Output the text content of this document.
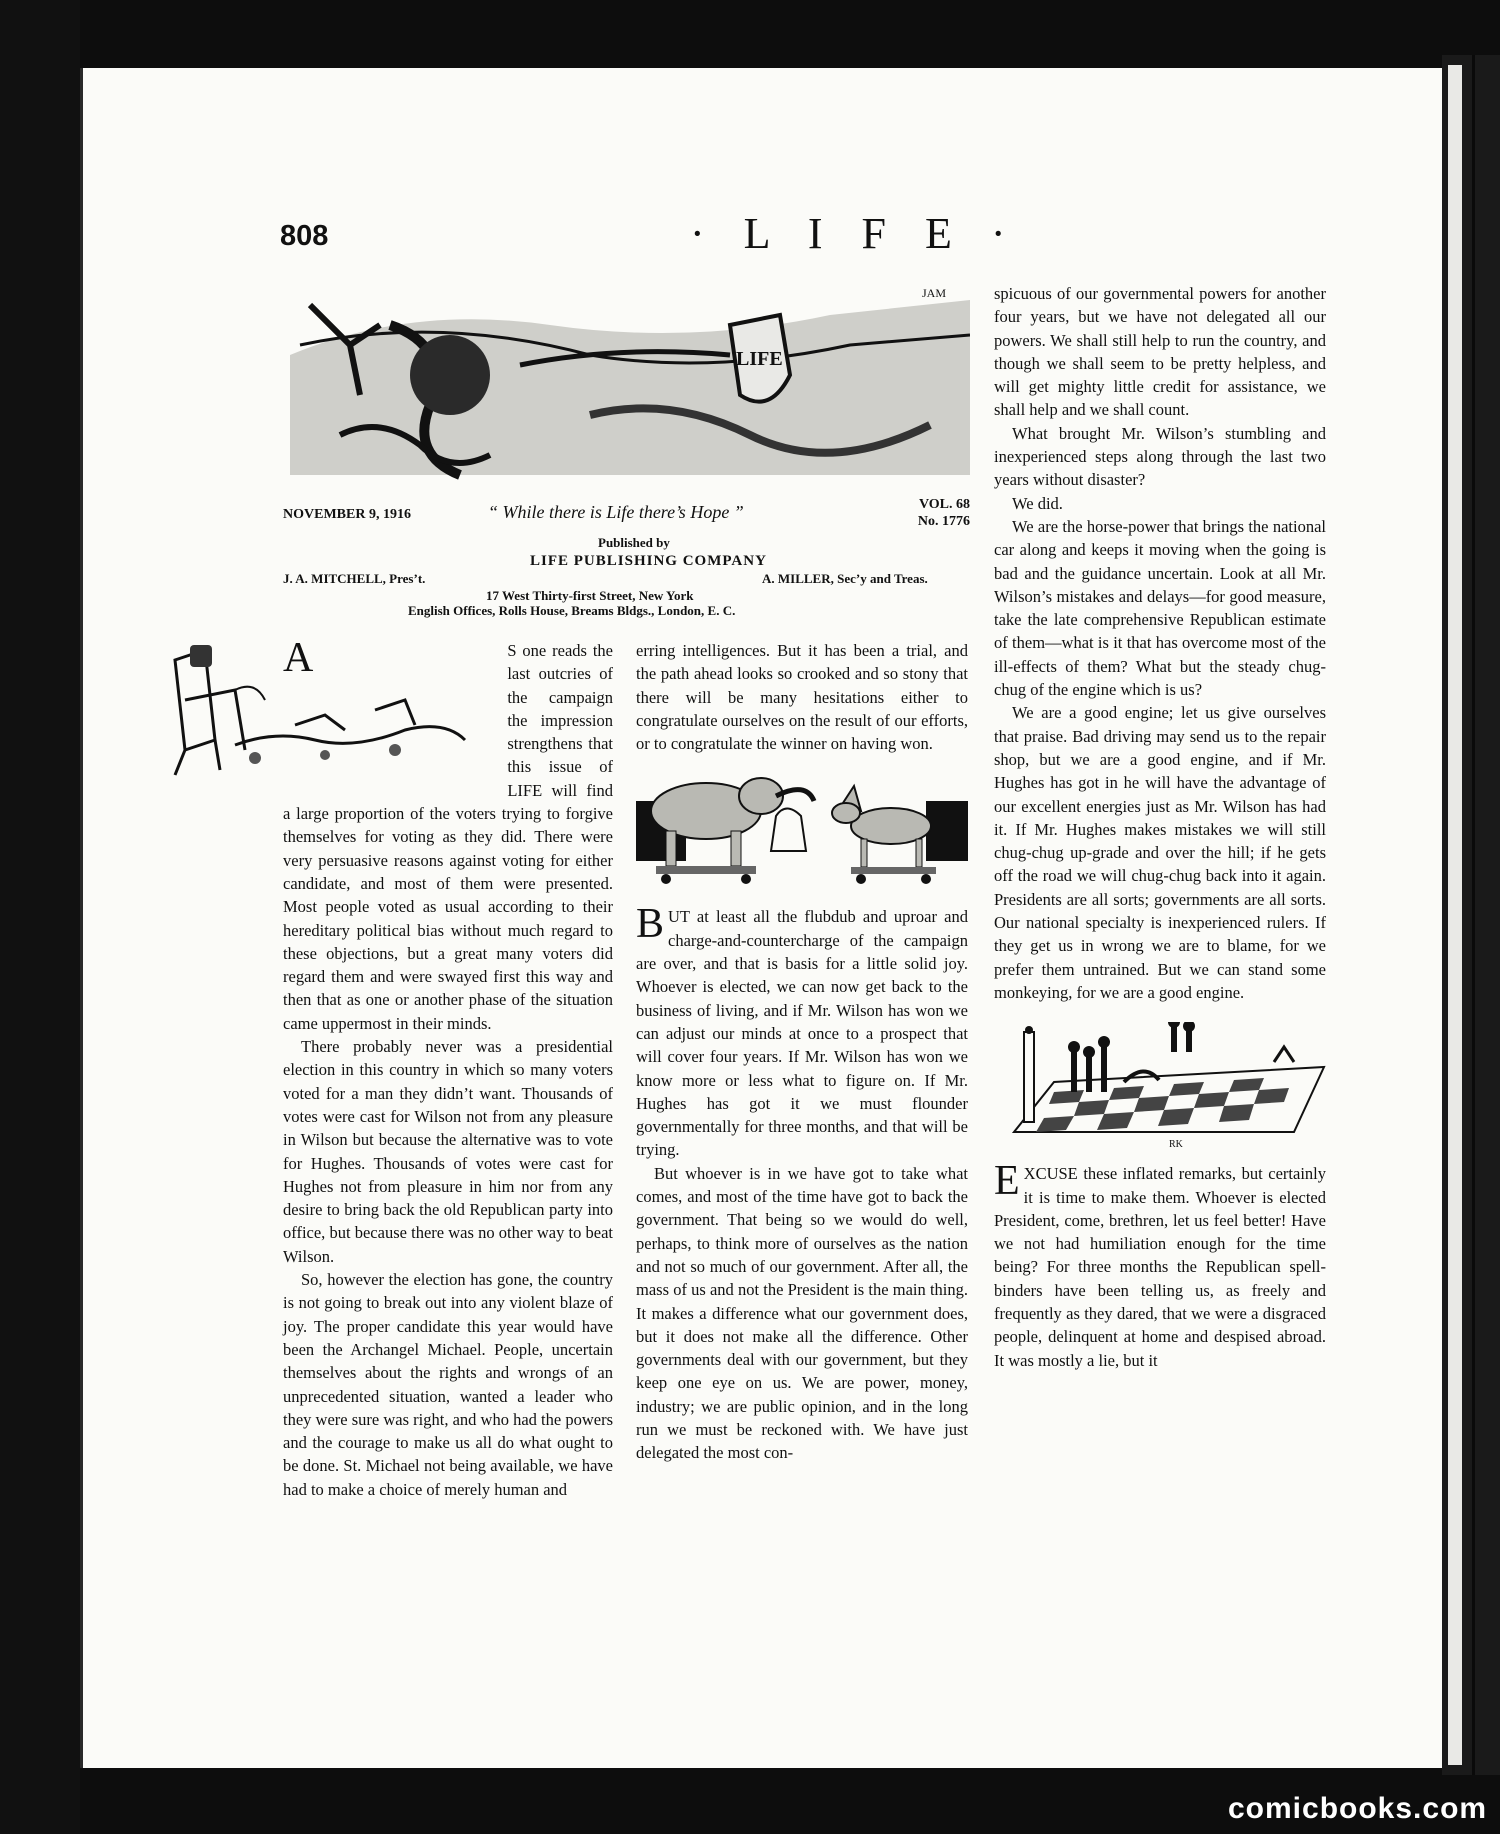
808	· L I F E ·
LIFE
JAM
NOVEMBER 9, 1916	“ While there is Life there’s Hope ”	VOL. 68
No. 1776
Published by
LIFE PUBLISHING COMPANY
J. A. MITCHELL, Pres’t.	A. MILLER, Sec’y and Treas.
17 West Thirty-first Street, New York
English Offices, Rolls House, Breams Bldgs., London, E. C.

A	S one reads the last outcries of the campaign the impression strengthens that this issue of LIFE will find a large proportion of the voters trying to forgive themselves for voting as they did. There were very persuasive reasons against voting for either candidate, and most of them were presented. Most people voted as usual according to their hereditary political bias without much regard to these objections, but a great many voters did regard them and were swayed first this way and then that as one or another phase of the situation came uppermost in their minds.

There probably never was a presidential election in this country in which so many voters voted for a man they didn’t want. Thousands of votes were cast for Wilson not from any pleasure in Wilson but because the alternative was to vote for Hughes. Thousands of votes were cast for Hughes not from pleasure in him nor from any desire to bring back the old Republican party into office, but because there was no other way to beat Wilson.

So, however the election has gone, the country is not going to break out into any violent blaze of joy. The proper candidate this year would have been the Archangel Michael. People, uncertain themselves about the rights and wrongs of an unprecedented situation, wanted a leader who they were sure was right, and who had the powers and the courage to make us all do what ought to be done. St. Michael not being available, we have had to make a choice of merely human and

erring intelligences. But it has been a trial, and the path ahead looks so crooked and so stony that there will be many hesitations either to congratulate ourselves on the result of our efforts, or to congratulate the winner on having won.

BUT at least all the flubdub and uproar and charge-and-countercharge of the campaign are over, and that is basis for a little solid joy. Whoever is elected, we can now get back to the business of living, and if Mr. Wilson has won we can adjust our minds at once to a prospect that will cover four years. If Mr. Wilson has won we know more or less what to figure on. If Mr. Hughes has got it we must flounder governmentally for three months, and that will be trying.

But whoever is in we have got to take what comes, and most of the time have got to back the government. That being so we would do well, perhaps, to think more of ourselves as the nation and not so much of our government. After all, the mass of us and not the President is the main thing. It makes a difference what our government does, but it does not make all the difference. Other governments deal with our government, but they keep one eye on us. We are power, money, industry; we are public opinion, and in the long run we must be reckoned with. We have just delegated the most con-

spicuous of our governmental powers for another four years, but we have not delegated all our powers. We shall still help to run the country, and though we shall seem to be pretty helpless, and will get mighty little credit for assistance, we shall help and we shall count.

What brought Mr. Wilson’s stumbling and inexperienced steps along through the last two years without disaster?

We did.

We are the horse-power that brings the national car along and keeps it moving when the going is bad and the guidance uncertain. Look at all Mr. Wilson’s mistakes and delays—for good measure, take the late comprehensive Republican estimate of them—what is it that has overcome most of the ill-effects of them? What but the steady chug-chug of the engine which is us?

We are a good engine; let us give ourselves that praise. Bad driving may send us to the repair shop, but we are a good engine, and if Mr. Hughes has got in he will have the advantage of our excellent energies just as Mr. Wilson has had it. If Mr. Hughes makes mistakes we will still chug-chug up-grade and over the hill; if he gets off the road we will chug-chug back into it again. Presidents are all sorts; governments are all sorts. Our national specialty is inexperienced rulers. If they get us in wrong we are to blame, for we prefer them untrained. But we can stand some monkeying, for we are a good engine.

RK

EXCUSE these inflated remarks, but certainly it is time to make them. Whoever is elected President, come, brethren, let us feel better! Have we not had humiliation enough for the time being? For three months the Republican spell-binders have been telling us, as freely and frequently as they dared, that we were a disgraced people, delinquent at home and despised abroad. It was mostly a lie, but it

comicbooks.com
